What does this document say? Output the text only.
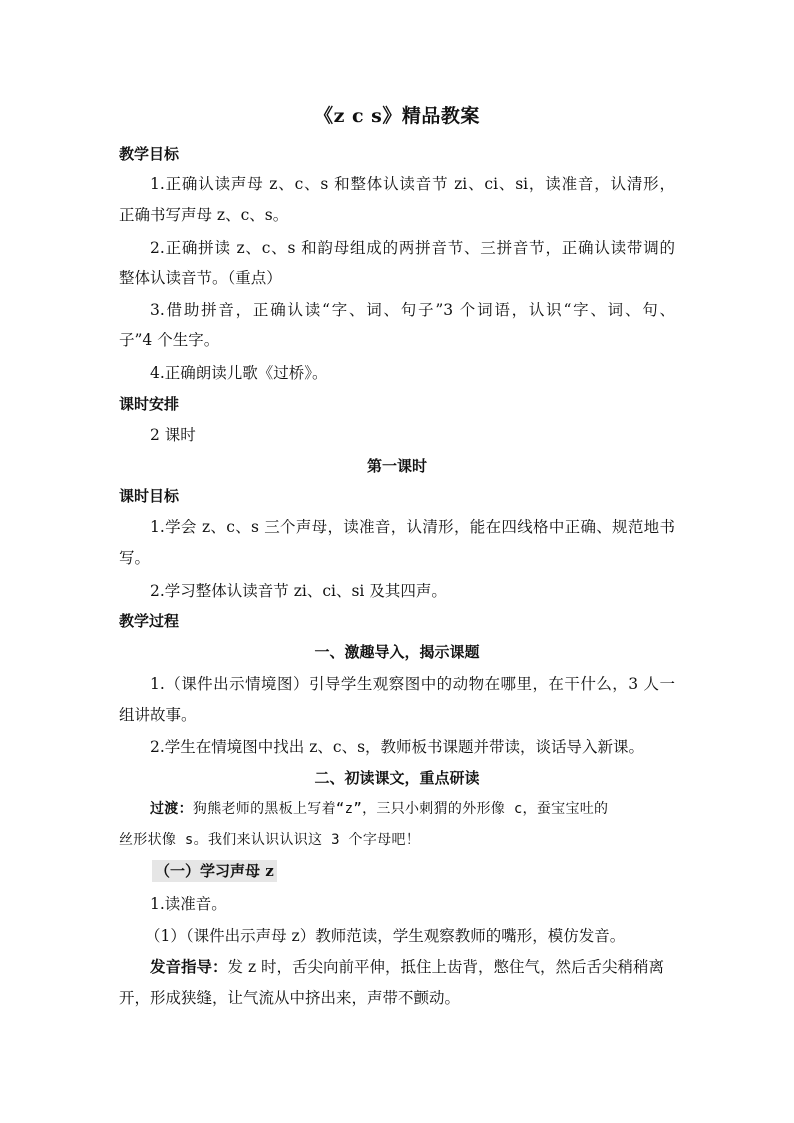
《z c s》精品教案
教学目标
1.正确认读声母 z、c、s 和整体认读音节 zi、ci、si，读准音，认清形，
正确书写声母 z、c、s。
2.正确拼读 z、c、s 和韵母组成的两拼音节、三拼音节，正确认读带调的
整体认读音节。（重点）
3.借助拼音，正确认读“字、词、句子”3 个词语，认识“字、词、句、
子”4 个生字。
4.正确朗读儿歌《过桥》。
课时安排
2 课时
第一课时
课时目标
1.学会 z、c、s 三个声母，读准音，认清形，能在四线格中正确、规范地书
写。
2.学习整体认读音节 zi、ci、si 及其四声。
教学过程
一、激趣导入，揭示课题
1.（课件出示情境图）引导学生观察图中的动物在哪里，在干什么，3 人一
组讲故事。
2.学生在情境图中找出 z、c、s，教师板书课题并带读，谈话导入新课。
二、初读课文，重点研读
过渡：狗熊老师的黑板上写着“z”，三只小刺猬的外形像 c，蚕宝宝吐的
丝形状像 s。我们来认识认识这 3 个字母吧！
（一）学习声母 z
1.读准音。
（1）（课件出示声母 z）教师范读，学生观察教师的嘴形，模仿发音。
发音指导：发 z 时，舌尖向前平伸，抵住上齿背，憋住气，然后舌尖稍稍离
开，形成狭缝，让气流从中挤出来，声带不颤动。
